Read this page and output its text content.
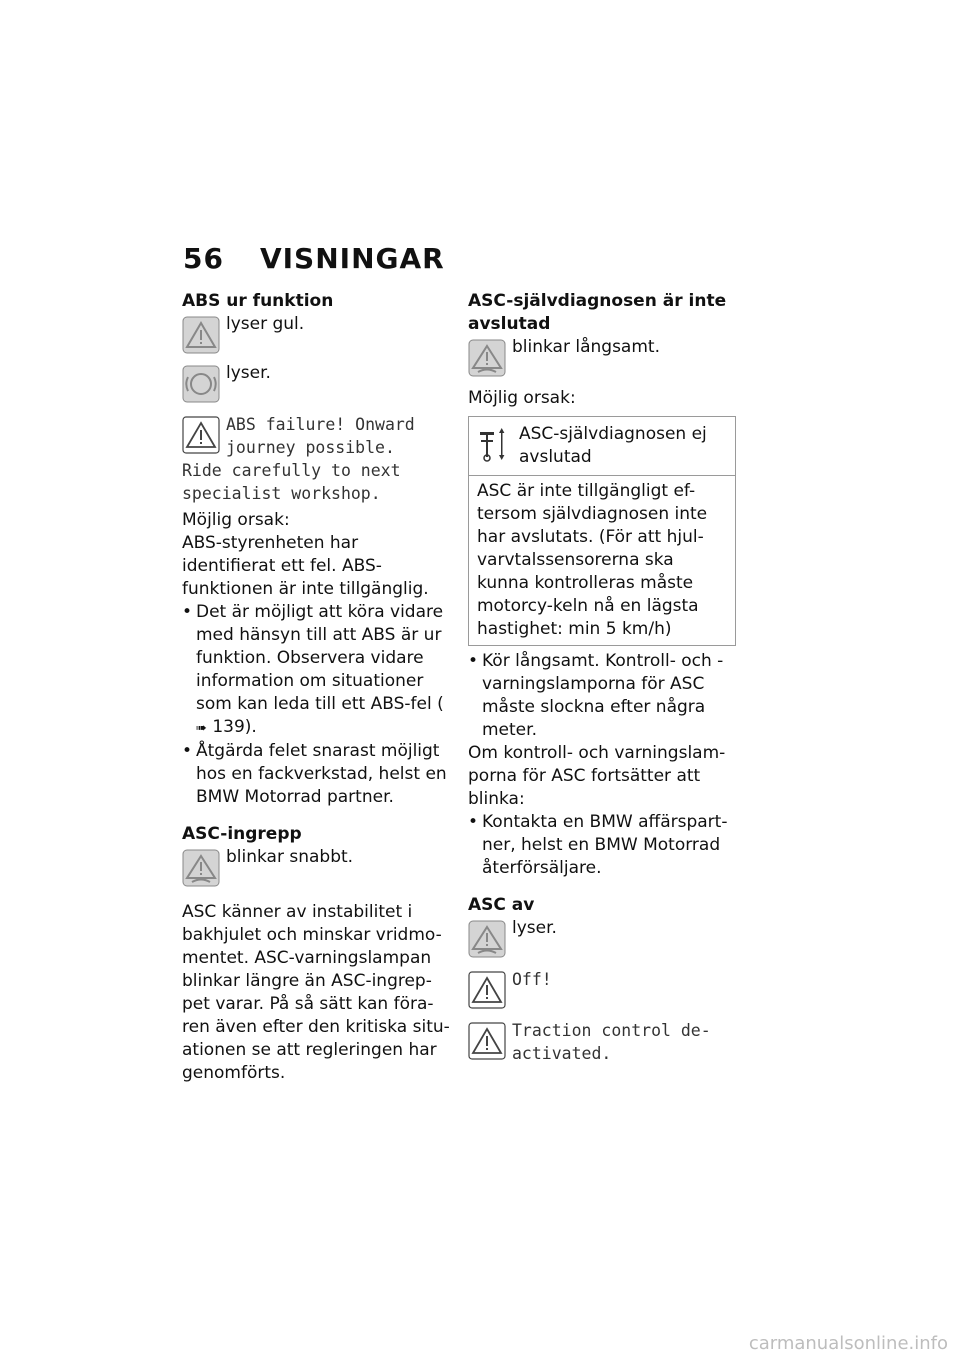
56 VISNINGAR

ABS ur funktion

lyser gul.
lyser.
ABS failure! Onward
journey possible.
Ride carefully to next
specialist workshop.

Möjlig orsak:

ABS-styrenheten har identifierat ett fel. ABS-funktionen är inte tillgänglig.

• Det är möjligt att köra vidare med hänsyn till att ABS är ur funktion. Observera vidare information om situationer som kan leda till ett ABS-fel (➠ 139).
• Åtgärda felet snarast möjligt hos en fackverkstad, helst en BMW Motorrad partner.

ASC-ingrepp

blinkar snabbt.

ASC känner av instabilitet i bakhjulet och minskar vridmo-mentet. ASC-varningslampan blinkar längre än ASC-ingrep-pet varar. På så sätt kan föra-ren även efter den kritiska situ-ationen se att regleringen har genomförts.

ASC-självdiagnosen är inte avslutad

blinkar långsamt.

Möjlig orsak:

ASC-självdiagnosen ej avslutad
ASC är inte tillgängligt ef-tersom självdiagnosen inte har avslutats. (För att hjul-varvtalssensorerna ska kunna kontrolleras måste motorcy-keln nå en lägsta hastighet: min 5 km/h)
• Kör långsamt. Kontroll- och -varningslamporna för ASC måste slockna efter några meter.

Om kontroll- och varningslam-porna för ASC fortsätter att blinka:

• Kontakta en BMW affärspart-ner, helst en BMW Motorrad återförsäljare.

ASC av

lyser.
Off!
Traction control de-
activated.
carmanualsonline.info
